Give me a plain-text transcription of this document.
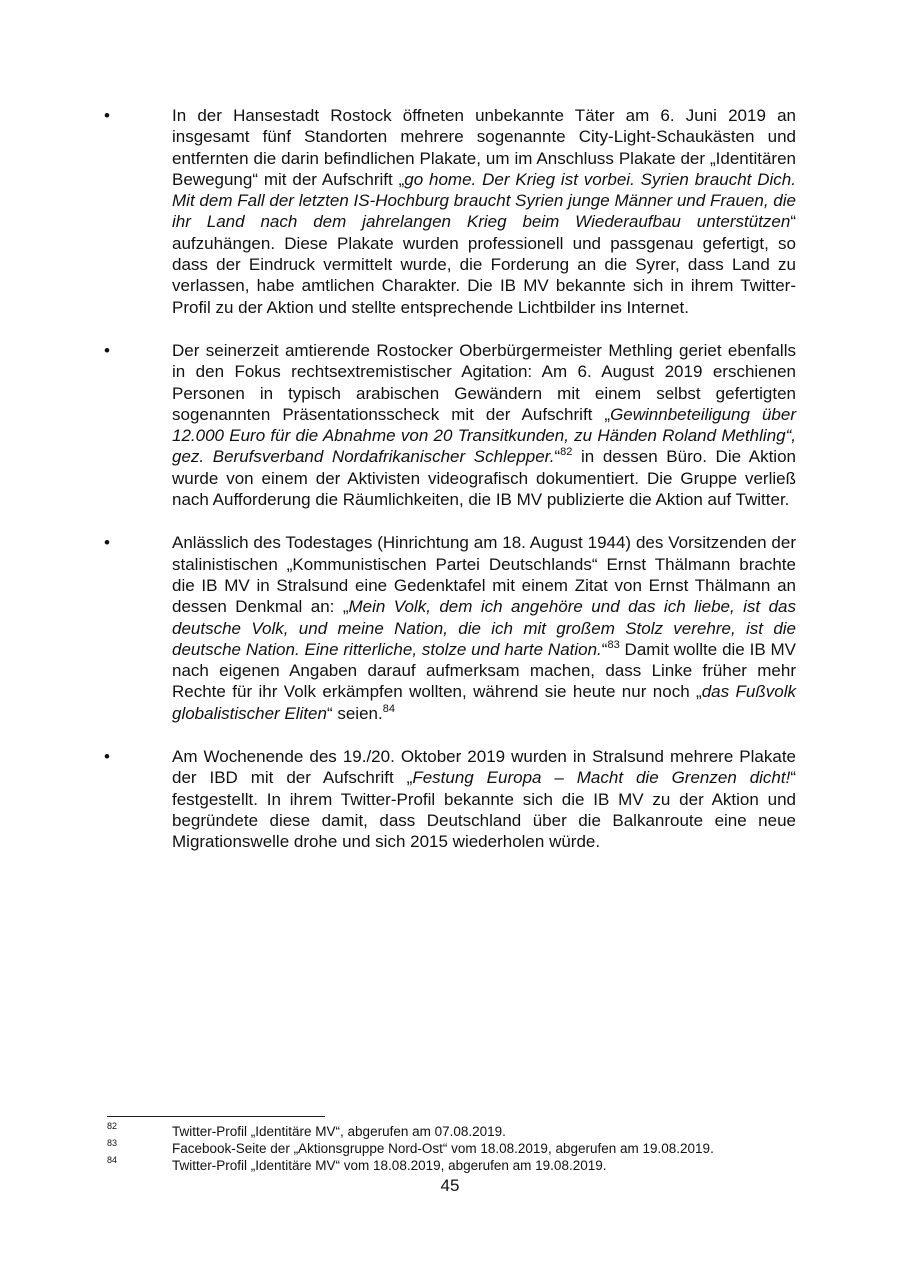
•	In der Hansestadt Rostock öffneten unbekannte Täter am 6. Juni 2019 an insgesamt fünf Standorten mehrere sogenannte City-Light-Schaukästen und entfernten die darin befindlichen Plakate, um im Anschluss Plakate der „Identitären Bewegung“ mit der Aufschrift „go home. Der Krieg ist vorbei. Syrien braucht Dich. Mit dem Fall der letzten IS-Hochburg braucht Syrien junge Männer und Frauen, die ihr Land nach dem jahrelangen Krieg beim Wiederaufbau unterstützen“ aufzuhängen. Diese Plakate wurden professionell und passgenau gefertigt, so dass der Eindruck vermittelt wurde, die Forderung an die Syrer, dass Land zu verlassen, habe amtlichen Charakter. Die IB MV bekannte sich in ihrem Twitter-Profil zu der Aktion und stellte entsprechende Lichtbilder ins Internet.
•	Der seinerzeit amtierende Rostocker Oberbürgermeister Methling geriet ebenfalls in den Fokus rechtsextremistischer Agitation: Am 6. August 2019 erschienen Personen in typisch arabischen Gewändern mit einem selbst gefertigten sogenannten Präsentationsscheck mit der Aufschrift „Gewinnbeteiligung über 12.000 Euro für die Abnahme von 20 Transitkunden, zu Händen Roland Methling“, gez. Berufsverband Nordafrikanischer Schlepper.“$^{82}$ in dessen Büro. Die Aktion wurde von einem der Aktivisten videografisch dokumentiert. Die Gruppe verließ nach Aufforderung die Räumlichkeiten, die IB MV publizierte die Aktion auf Twitter.
•	Anlässlich des Todestages (Hinrichtung am 18. August 1944) des Vorsitzenden der stalinistischen „Kommunistischen Partei Deutschlands“ Ernst Thälmann brachte die IB MV in Stralsund eine Gedenktafel mit einem Zitat von Ernst Thälmann an dessen Denkmal an: „Mein Volk, dem ich angehöre und das ich liebe, ist das deutsche Volk, und meine Nation, die ich mit großem Stolz verehre, ist die deutsche Nation. Eine ritterliche, stolze und harte Nation.“$^{83}$ Damit wollte die IB MV nach eigenen Angaben darauf aufmerksam machen, dass Linke früher mehr Rechte für ihr Volk erkämpfen wollten, während sie heute nur noch „das Fußvolk globalistischer Eliten“ seien.$^{84}$
•	Am Wochenende des 19./20. Oktober 2019 wurden in Stralsund mehrere Plakate der IBD mit der Aufschrift „Festung Europa – Macht die Grenzen dicht!“ festgestellt. In ihrem Twitter-Profil bekannte sich die IB MV zu der Aktion und begründete diese damit, dass Deutschland über die Balkanroute eine neue Migrationswelle drohe und sich 2015 wiederholen würde.
82	Twitter-Profil „Identitäre MV“, abgerufen am 07.08.2019.
83	Facebook-Seite der „Aktionsgruppe Nord-Ost“ vom 18.08.2019, abgerufen am 19.08.2019.
84	Twitter-Profil „Identitäre MV“ vom 18.08.2019, abgerufen am 19.08.2019.
45
